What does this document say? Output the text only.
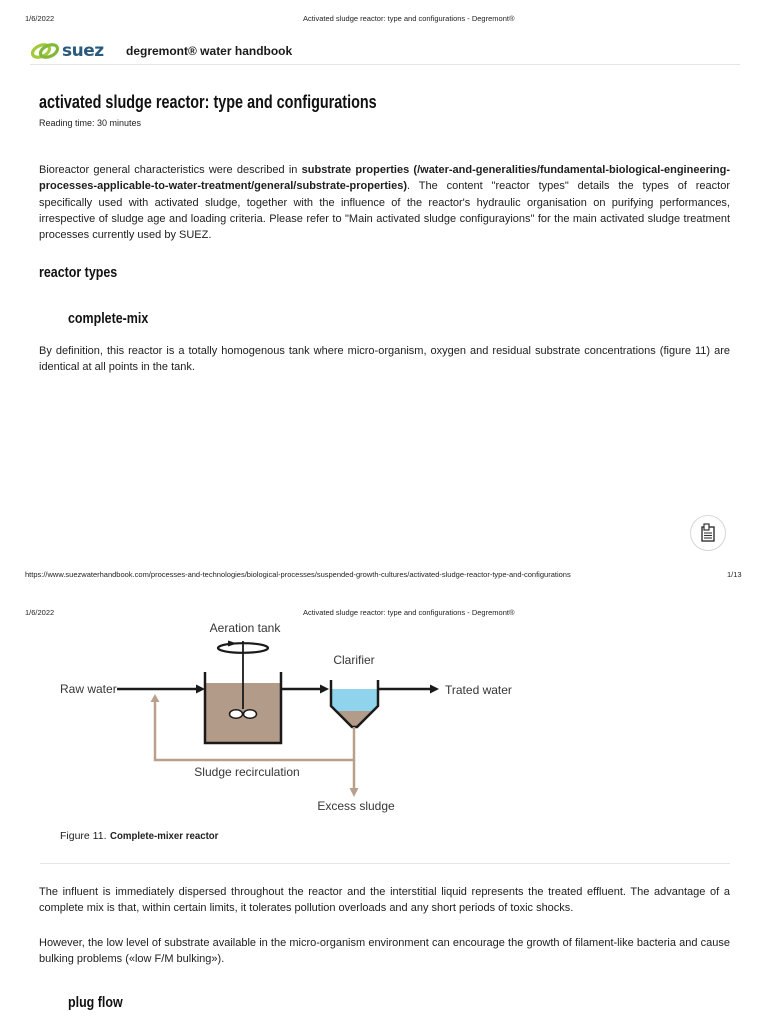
1/6/2022	Activated sludge reactor: type and configurations - Degremont®
suez degremont® water handbook
activated sludge reactor: type and configurations
Reading time: 30 minutes

Bioreactor general characteristics were described in substrate properties (/water-and-generalities/fundamental-biological-engineering-processes-applicable-to-water-treatment/general/substrate-properties). The content "reactor types" details the types of reactor specifically used with activated sludge, together with the influence of the reactor's hydraulic organisation on purifying performances, irrespective of sludge age and loading criteria. Please refer to "Main activated sludge configurayions" for the main activated sludge treatment processes currently used by SUEZ.

reactor types
complete-mix

By definition, this reactor is a totally homogenous tank where micro-organism, oxygen and residual substrate concentrations (figure 11) are identical at all points in the tank.

https://www.suezwaterhandbook.com/processes-and-technologies/biological-processes/suspended-growth-cultures/activated-sludge-reactor-type-and-configurations	1/13
1/6/2022	Activated sludge reactor: type and configurations - Degremont®
Aeration tank
Clarifier
Raw water	Trated water
Sludge recirculation
Excess sludge
Figure 11. Complete-mixer reactor

The influent is immediately dispersed throughout the reactor and the interstitial liquid represents the treated effluent. The advantage of a complete mix is that, within certain limits, it tolerates pollution overloads and any short periods of toxic shocks.

However, the low level of substrate available in the micro-organism environment can encourage the growth of filament-like bacteria and cause bulking problems («low F/M bulking»).

plug flow
